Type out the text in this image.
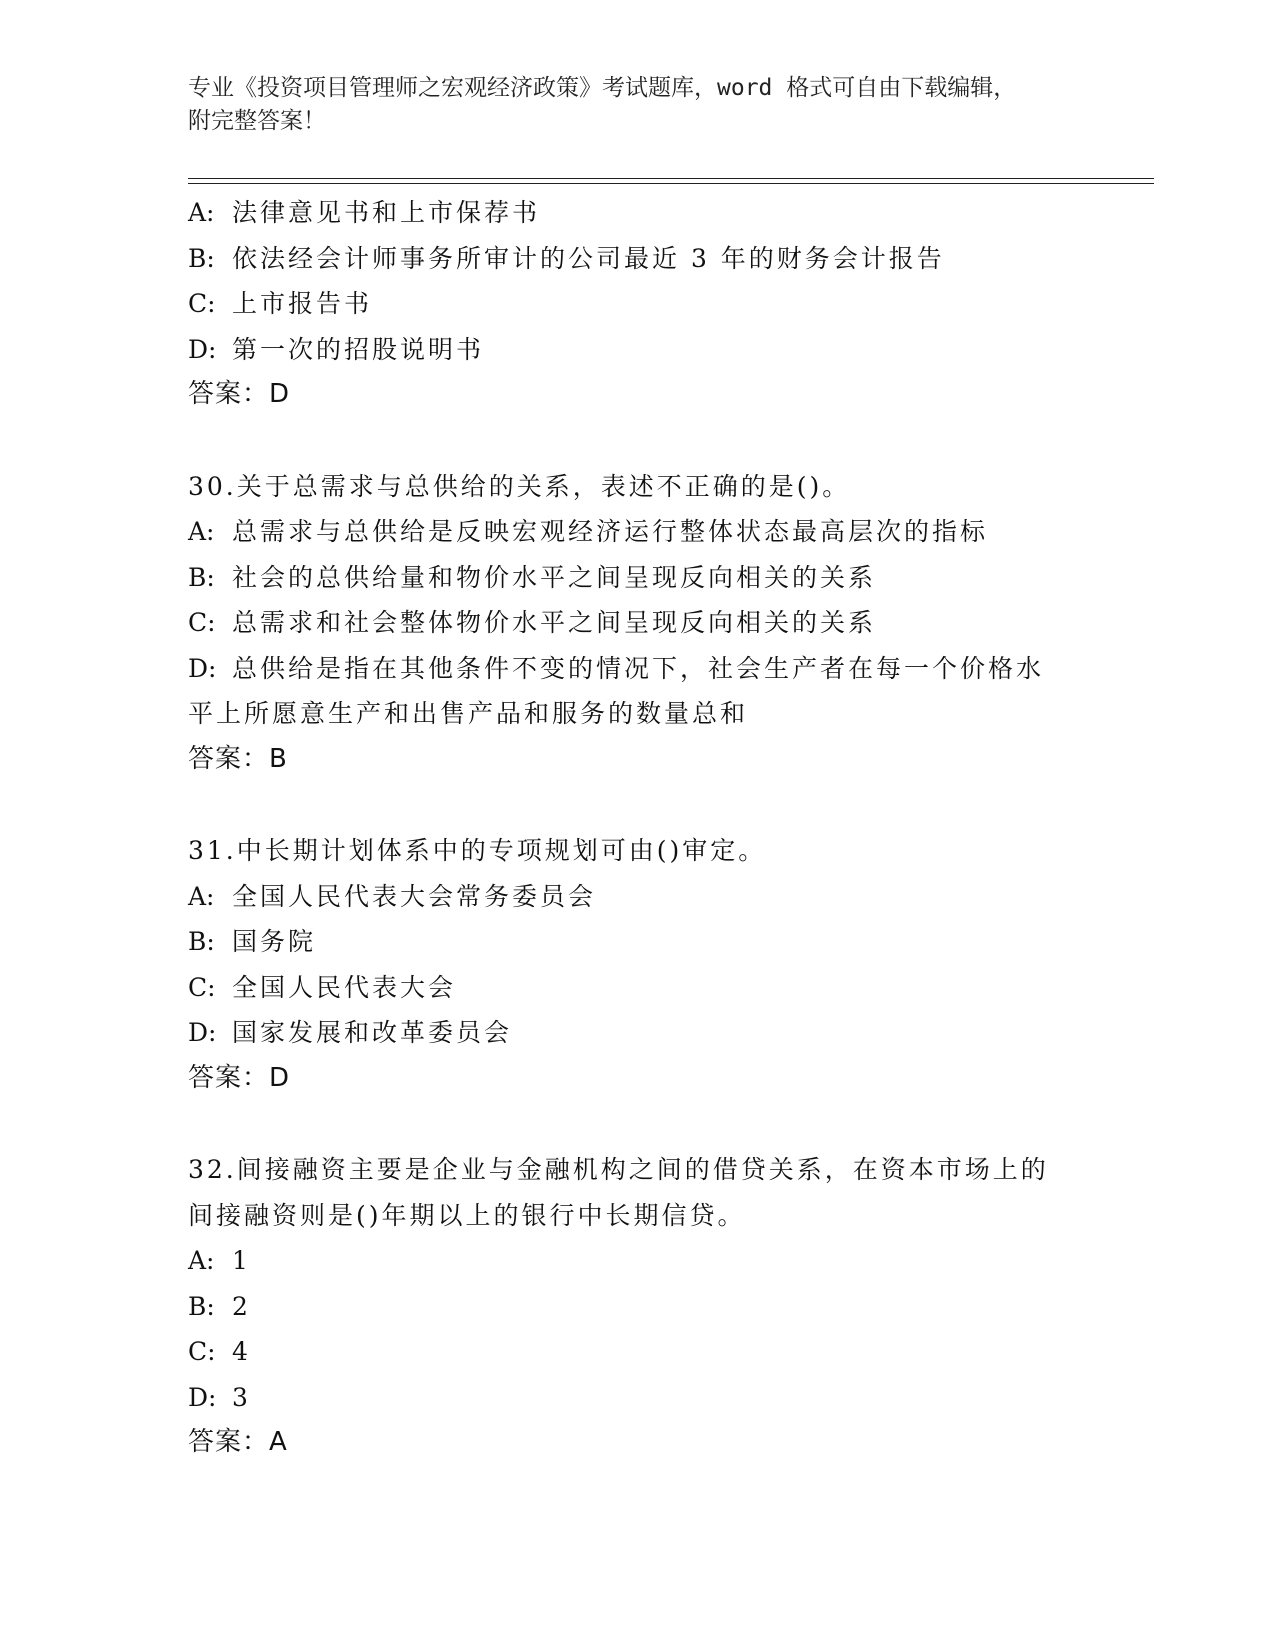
专业《投资项目管理师之宏观经济政策》考试题库，word 格式可自由下载编辑，
附完整答案！
A: 法律意见书和上市保荐书
B: 依法经会计师事务所审计的公司最近 3 年的财务会计报告
C: 上市报告书
D: 第一次的招股说明书
答案：D
30.关于总需求与总供给的关系，表述不正确的是()。
A: 总需求与总供给是反映宏观经济运行整体状态最高层次的指标
B: 社会的总供给量和物价水平之间呈现反向相关的关系
C: 总需求和社会整体物价水平之间呈现反向相关的关系
D: 总供给是指在其他条件不变的情况下，社会生产者在每一个价格水
平上所愿意生产和出售产品和服务的数量总和
答案：B
31.中长期计划体系中的专项规划可由()审定。
A: 全国人民代表大会常务委员会
B: 国务院
C: 全国人民代表大会
D: 国家发展和改革委员会
答案：D
32.间接融资主要是企业与金融机构之间的借贷关系，在资本市场上的
间接融资则是()年期以上的银行中长期信贷。
A: 1
B: 2
C: 4
D: 3
答案：A
